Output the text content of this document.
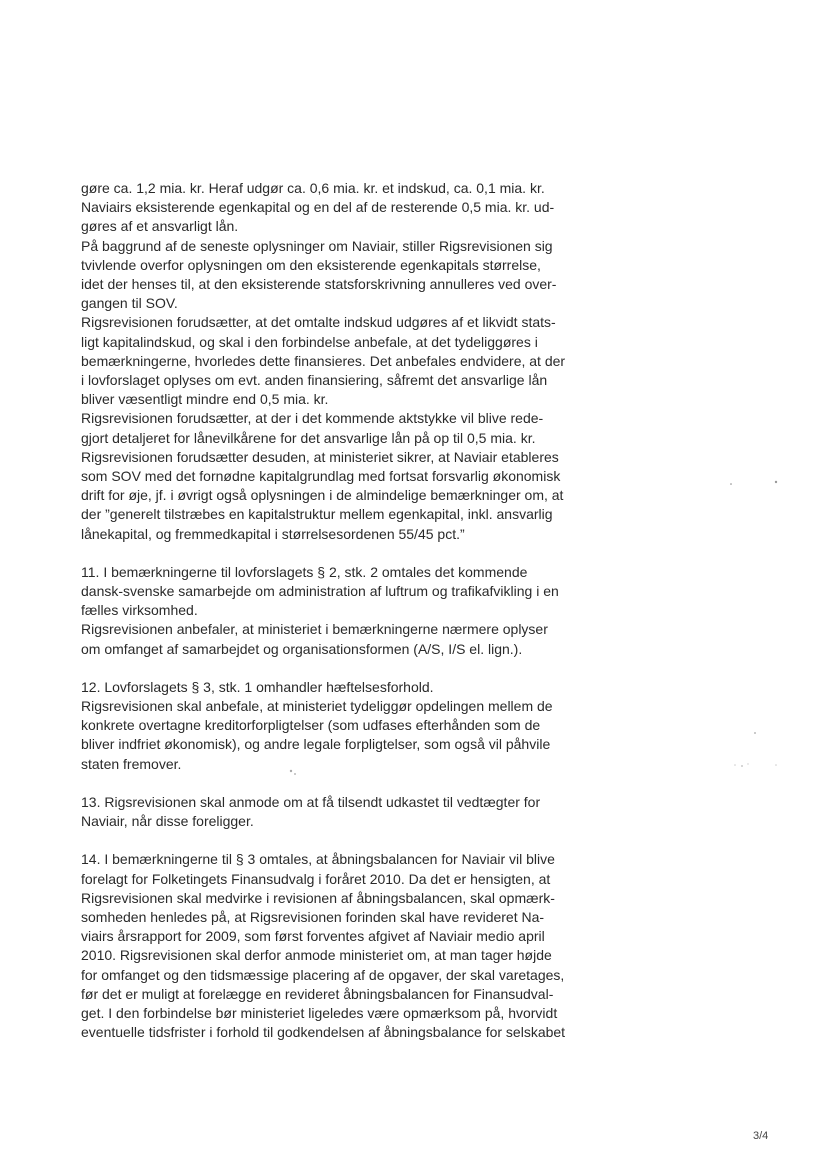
gøre ca. 1,2 mia. kr. Heraf udgør ca. 0,6 mia. kr. et indskud, ca. 0,1 mia. kr.
Naviairs eksisterende egenkapital og en del af de resterende 0,5 mia. kr. ud-
gøres af et ansvarligt lån.
På baggrund af de seneste oplysninger om Naviair, stiller Rigsrevisionen sig
tvivlende overfor oplysningen om den eksisterende egenkapitals størrelse,
idet der henses til, at den eksisterende statsforskrivning annulleres ved over-
gangen til SOV.
Rigsrevisionen forudsætter, at det omtalte indskud udgøres af et likvidt stats-
ligt kapitalindskud, og skal i den forbindelse anbefale, at det tydeliggøres i
bemærkningerne, hvorledes dette finansieres. Det anbefales endvidere, at der
i lovforslaget oplyses om evt. anden finansiering, såfremt det ansvarlige lån
bliver væsentligt mindre end 0,5 mia. kr.
Rigsrevisionen forudsætter, at der i det kommende aktstykke vil blive rede-
gjort detaljeret for lånevilkårene for det ansvarlige lån på op til 0,5 mia. kr.
Rigsrevisionen forudsætter desuden, at ministeriet sikrer, at Naviair etableres
som SOV med det fornødne kapitalgrundlag med fortsat forsvarlig økonomisk
drift for øje, jf. i øvrigt også oplysningen i de almindelige bemærkninger om, at
der ”generelt tilstræbes en kapitalstruktur mellem egenkapital, inkl. ansvarlig
lånekapital, og fremmedkapital i størrelsesordenen 55/45 pct.”
11. I bemærkningerne til lovforslagets § 2, stk. 2 omtales det kommende
dansk-svenske samarbejde om administration af luftrum og trafikafvikling i en
fælles virksomhed.
Rigsrevisionen anbefaler, at ministeriet i bemærkningerne nærmere oplyser
om omfanget af samarbejdet og organisationsformen (A/S, I/S el. lign.).
12. Lovforslagets § 3, stk. 1 omhandler hæftelsesforhold.
Rigsrevisionen skal anbefale, at ministeriet tydeliggør opdelingen mellem de
konkrete overtagne kreditorforpligtelser (som udfases efterhånden som de
bliver indfriet økonomisk), og andre legale forpligtelser, som også vil påhvile
staten fremover.
13. Rigsrevisionen skal anmode om at få tilsendt udkastet til vedtægter for
Naviair, når disse foreligger.
14. I bemærkningerne til § 3 omtales, at åbningsbalancen for Naviair vil blive
forelagt for Folketingets Finansudvalg i foråret 2010. Da det er hensigten, at
Rigsrevisionen skal medvirke i revisionen af åbningsbalancen, skal opmærk-
somheden henledes på, at Rigsrevisionen forinden skal have revideret Na-
viairs årsrapport for 2009, som først forventes afgivet af Naviair medio april
2010. Rigsrevisionen skal derfor anmode ministeriet om, at man tager højde
for omfanget og den tidsmæssige placering af de opgaver, der skal varetages,
før det er muligt at forelægge en revideret åbningsbalancen for Finansudval-
get. I den forbindelse bør ministeriet ligeledes være opmærksom på, hvorvidt
eventuelle tidsfrister i forhold til godkendelsen af åbningsbalance for selskabet
3/4
